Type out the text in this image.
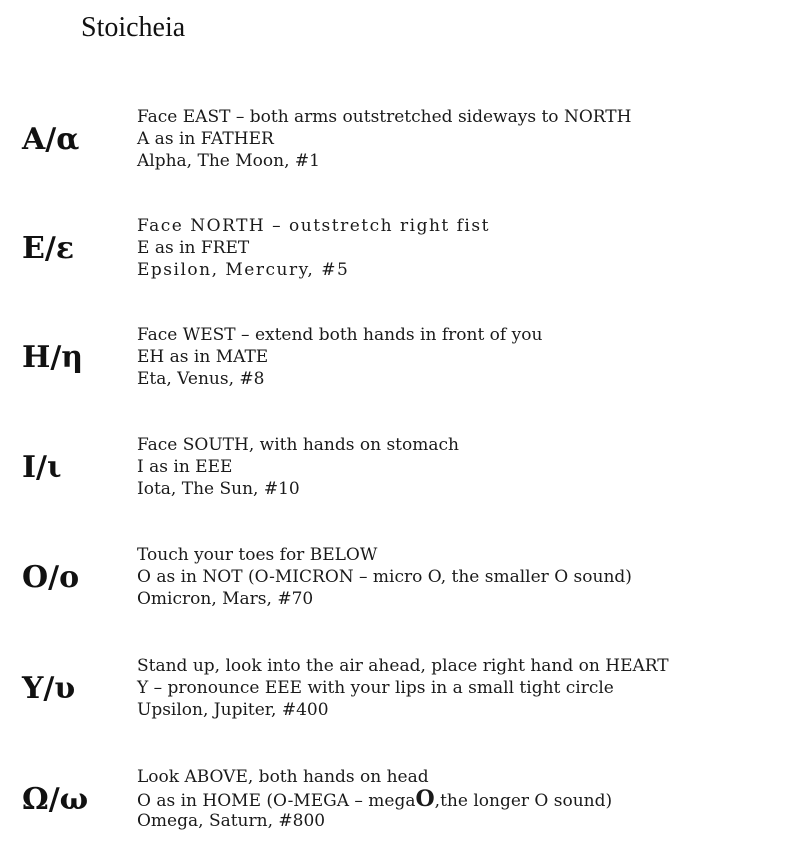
Stoicheia
A/α
Face EAST – both arms outstretched sideways to NORTH
A as in FATHER
Alpha, The Moon, #1
E/ε
Face NORTH – outstretch right fist
E as in FRET
Epsilon, Mercury, #5
H/η
Face WEST – extend both hands in front of you
EH as in MATE
Eta, Venus, #8
I/ι
Face SOUTH, with hands on stomach
I as in EEE
Iota, The Sun, #10
O/o
Touch your toes for BELOW
O as in NOT (O-MICRON – micro O, the smaller O sound)
Omicron, Mars, #70
Y/υ
Stand up, look into the air ahead, place right hand on HEART
Y – pronounce EEE with your lips in a small tight circle
Upsilon, Jupiter, #400
Ω/ω
Look ABOVE, both hands on head
O as in HOME (O-MEGA – megaO,the longer O sound)
Omega, Saturn, #800
